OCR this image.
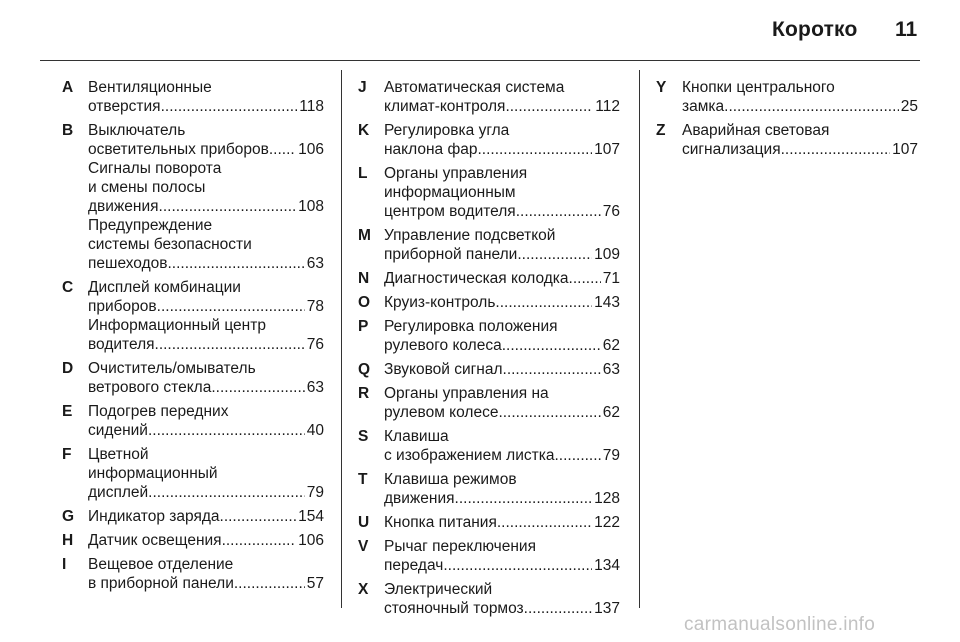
Коротко 11
A Вентиляционные
отверстия .....	118
B Выключатель
осветительных приборов ..... 106
Сигналы поворота
и смены полосы
движения .....	108
Предупреждение
системы безопасности
пешеходов .....	63
C Дисплей комбинации
приборов .....	78
Информационный центр
водителя .....	76
D Очиститель/омыватель
ветрового стекла .....	63
E	Подогрев передних
сидений .....	40
F	Цветной
информационный
дисплей .....	79
G Индикатор заряда .....	154
H Датчик освещения .....	106
I	Вещевое отделение
в приборной панели .....	57
J	Автоматическая система
климат-контроля .....	112
K Регулировка угла
наклона фар .....	107
L	Органы управления
информационным
центром водителя .....	76
M Управление подсветкой
приборной панели .....	109
N Диагностическая колодка ..... 71
O Круиз-контроль .....	143
P	Регулировка положения
рулевого колеса .....	62
Q Звуковой сигнал .....	63
R Органы управления на
рулевом колесе .....	62
S	Клавиша
с изображением листка .....	79
T	Клавиша режимов
движения .....	128
U Кнопка питания .....	122
V	Рычаг переключения
передач .....	134
X	Электрический
стояночный тормоз .....	137
Y	Кнопки центрального
замка .....	25
Z	Аварийная световая
сигнализация .....	107
carmanualsonline.info
